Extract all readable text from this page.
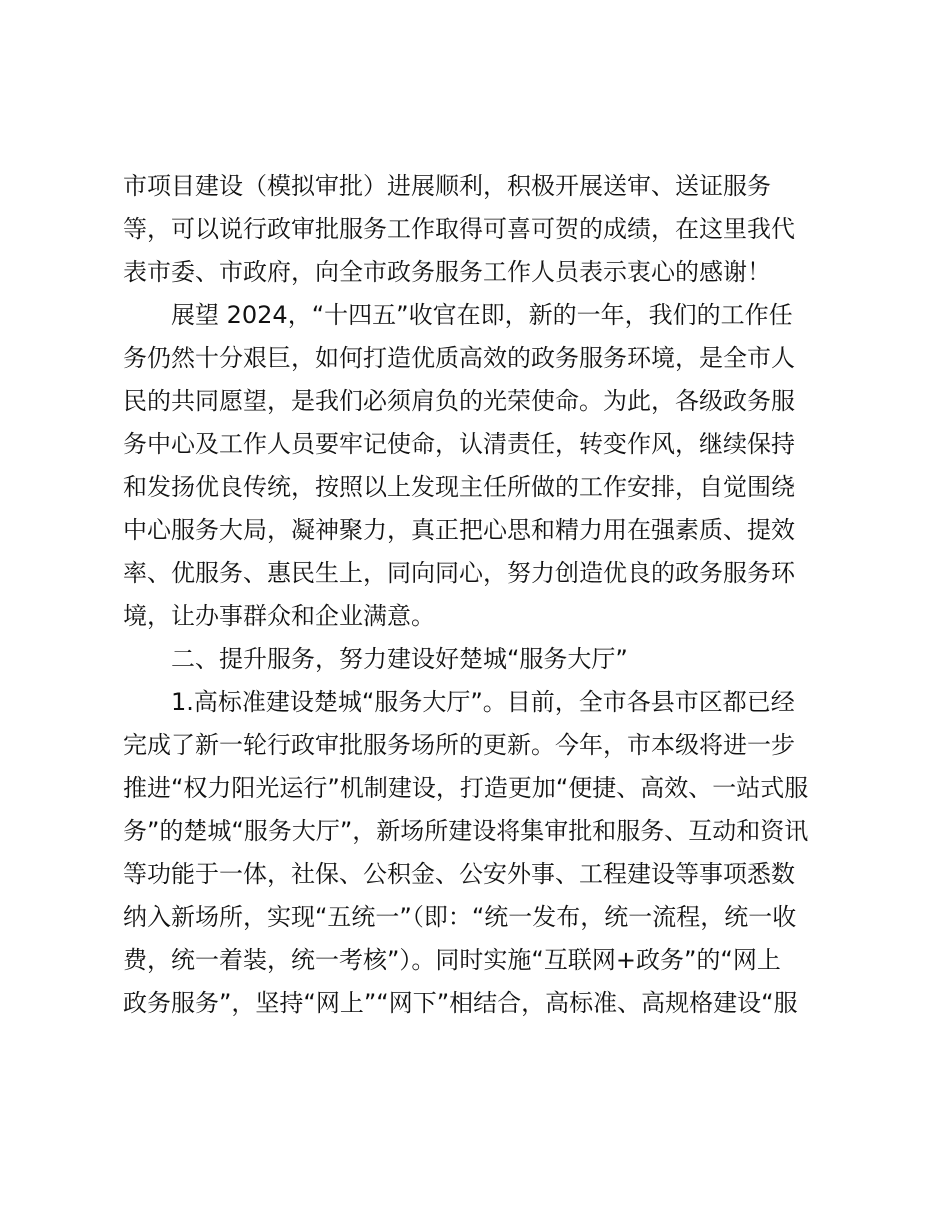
市项目建设（模拟审批）进展顺利，积极开展送审、送证服务
等，可以说行政审批服务工作取得可喜可贺的成绩，在这里我代
表市委、市政府，向全市政务服务工作人员表示衷心的感谢！
展望 2024，“十四五”收官在即，新的一年，我们的工作任
务仍然十分艰巨，如何打造优质高效的政务服务环境，是全市人
民的共同愿望，是我们必须肩负的光荣使命。为此，各级政务服
务中心及工作人员要牢记使命，认清责任，转变作风，继续保持
和发扬优良传统，按照以上发现主任所做的工作安排，自觉围绕
中心服务大局，凝神聚力，真正把心思和精力用在强素质、提效
率、优服务、惠民生上，同向同心，努力创造优良的政务服务环
境，让办事群众和企业满意。
二、提升服务，努力建设好楚城“服务大厅”
1.高标准建设楚城“服务大厅”。目前，全市各县市区都已经
完成了新一轮行政审批服务场所的更新。今年，市本级将进一步
推进“权力阳光运行”机制建设，打造更加“便捷、高效、一站式服
务”的楚城“服务大厅”，新场所建设将集审批和服务、互动和资讯
等功能于一体，社保、公积金、公安外事、工程建设等事项悉数
纳入新场所，实现“五统一”（即：“统一发布，统一流程，统一收
费，统一着装，统一考核”）。同时实施“互联网+政务”的“网上
政务服务”，坚持“网上”“网下”相结合，高标准、高规格建设“服
